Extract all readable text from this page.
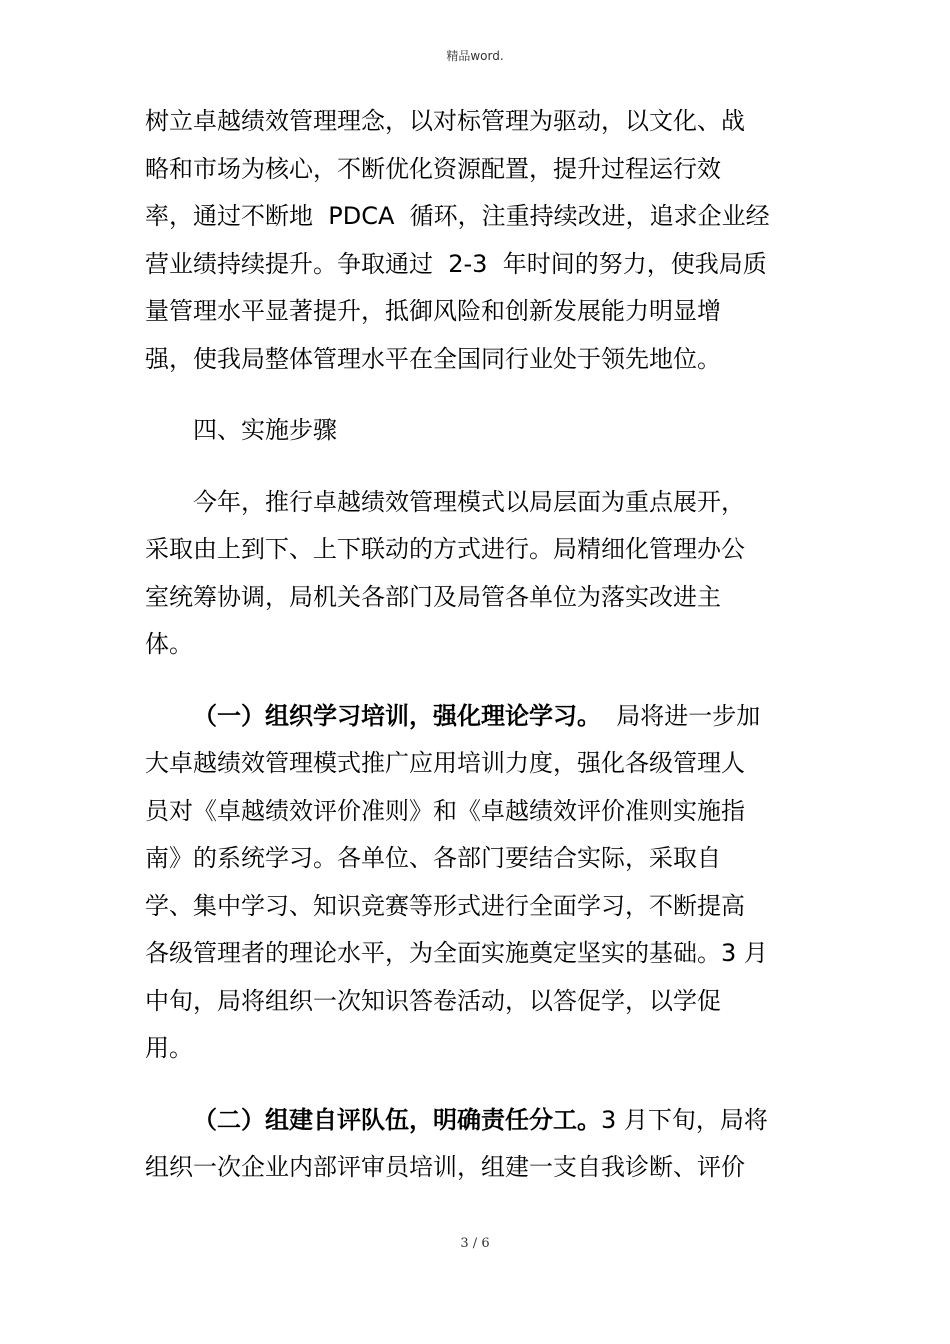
精品word.
树立卓越绩效管理理念，以对标管理为驱动，以文化、战
略和市场为核心，不断优化资源配置，提升过程运行效
率，通过不断地  PDCA  循环，注重持续改进，追求企业经
营业绩持续提升。争取通过  2-3  年时间的努力，使我局质
量管理水平显著提升，抵御风险和创新发展能力明显增
强，使我局整体管理水平在全国同行业处于领先地位。
四、实施步骤
今年，推行卓越绩效管理模式以局层面为重点展开，
采取由上到下、上下联动的方式进行。局精细化管理办公
室统筹协调，局机关各部门及局管各单位为落实改进主
体。
（一）组织学习培训，强化理论学习。  局将进一步加
大卓越绩效管理模式推广应用培训力度，强化各级管理人
员对《卓越绩效评价准则》和《卓越绩效评价准则实施指
南》的系统学习。各单位、各部门要结合实际，采取自
学、集中学习、知识竞赛等形式进行全面学习，不断提高
各级管理者的理论水平，为全面实施奠定坚实的基础。3 月
中旬，局将组织一次知识答卷活动，以答促学，以学促
用。
（二）组建自评队伍，明确责任分工。3 月下旬，局将
组织一次企业内部评审员培训，组建一支自我诊断、评价
3 / 6
